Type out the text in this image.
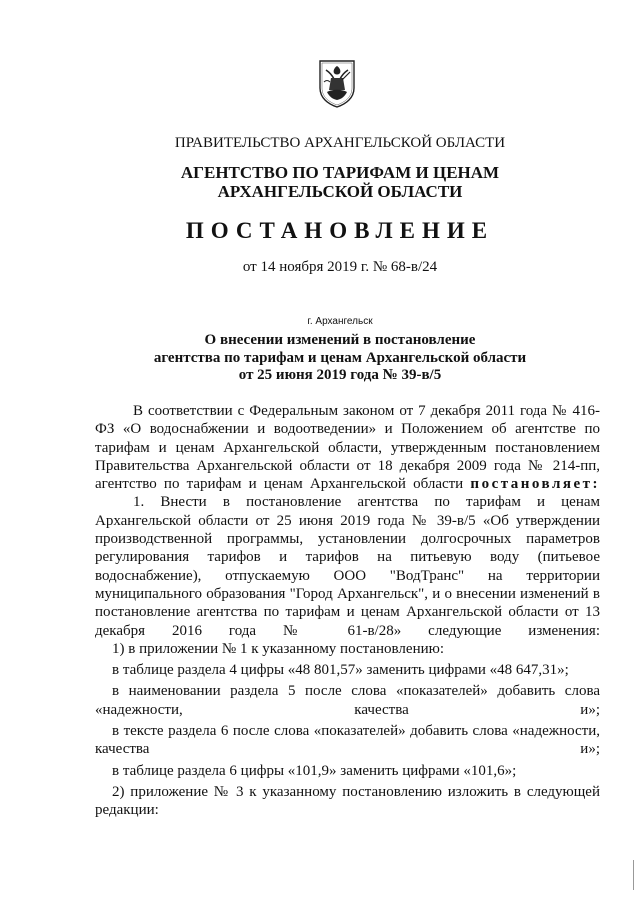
ПРАВИТЕЛЬСТВО АРХАНГЕЛЬСКОЙ ОБЛАСТИ
АГЕНТСТВО ПО ТАРИФАМ И ЦЕНАМ
АРХАНГЕЛЬСКОЙ ОБЛАСТИ
ПОСТАНОВЛЕНИЕ
от 14 ноября 2019 г. № 68-в/24
г. Архангельск
О внесении изменений в постановление
агентства по тарифам и ценам Архангельской области
от 25 июня 2019 года № 39-в/5

В соответствии с Федеральным законом от 7 декабря 2011 года № 416-ФЗ «О водоснабжении и водоотведении» и Положением об агентстве по тарифам и ценам Архангельской области, утвержденным постановлением Правительства Архангельской области от 18 декабря 2009 года № 214-пп, агентство по тарифам и ценам Архангельской области постановляет:

1. Внести в постановление агентства по тарифам и ценам Архангельской области от 25 июня 2019 года № 39-в/5 «Об утверждении производственной программы, установлении долгосрочных параметров регулирования тарифов и тарифов на питьевую воду (питьевое водоснабжение), отпускаемую ООО "ВодТранс" на территории муниципального образования "Город Архангельск", и о внесении изменений в постановление агентства по тарифам и ценам Архангельской области от 13 декабря 2016 года № 61-в/28» следующие изменения:

1) в приложении № 1 к указанному постановлению:

в таблице раздела 4 цифры «48 801,57» заменить цифрами «48 647,31»;

в наименовании раздела 5 после слова «показателей» добавить слова «надежности, качества и»;

в тексте раздела 6 после слова «показателей» добавить слова «надежности, качества и»;

в таблице раздела 6 цифры «101,9» заменить цифрами «101,6»;

2) приложение № 3 к указанному постановлению изложить в следующей редакции:
